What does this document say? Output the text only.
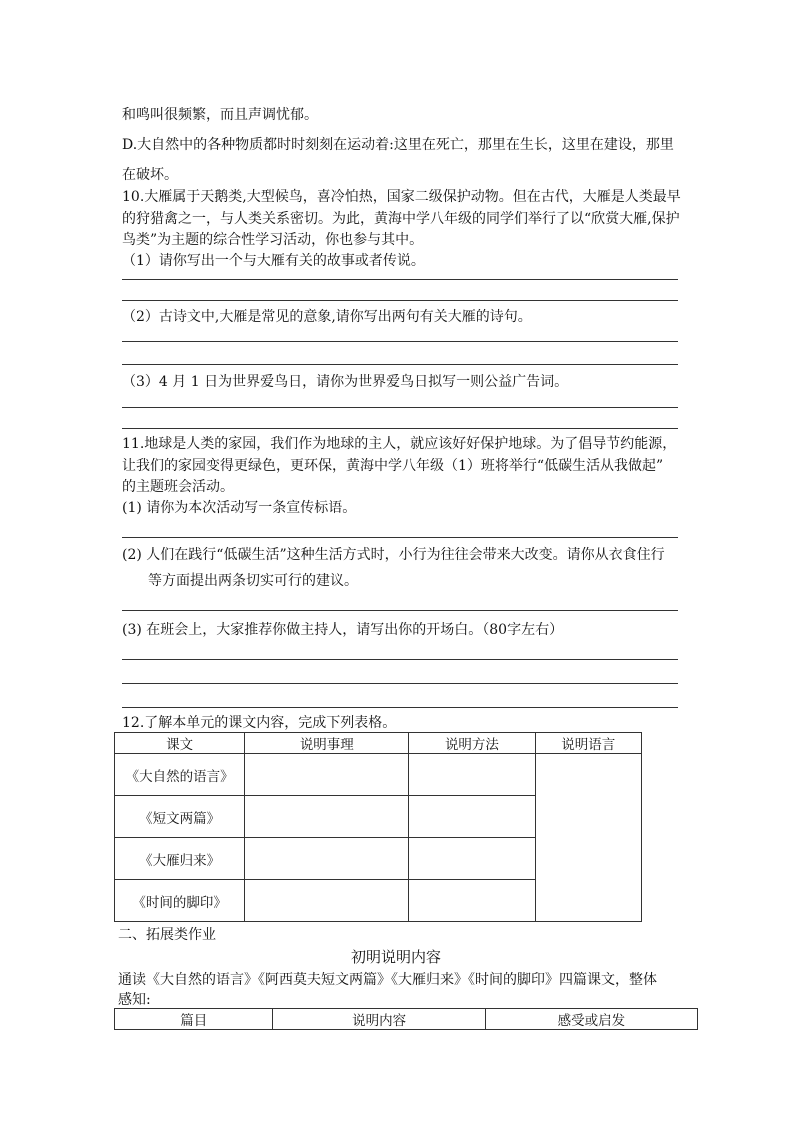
和鸣叫很频繁，而且声调忧郁。
D.大自然中的各种物质都时时刻刻在运动着:这里在死亡，那里在生长，这里在建设，那里
在破坏。
10.大雁属于天鹅类,大型候鸟，喜冷怕热，国家二级保护动物。但在古代，大雁是人类最早
的狩猎禽之一，与人类关系密切。为此，黄海中学八年级的同学们举行了以“欣赏大雁,保护
鸟类”为主题的综合性学习活动，你也参与其中。
（1）请你写出一个与大雁有关的故事或者传说。
（2）古诗文中,大雁是常见的意象,请你写出两句有关大雁的诗句。
（3）4 月 1 日为世界爱鸟日，请你为世界爱鸟日拟写一则公益广告词。
11.地球是人类的家园，我们作为地球的主人，就应该好好保护地球。为了倡导节约能源，
让我们的家园变得更绿色，更环保，黄海中学八年级（1）班将举行“低碳生活从我做起”
的主题班会活动。
(1) 请你为本次活动写一条宣传标语。
(2) 人们在践行“低碳生活”这种生活方式时，小行为往往会带来大改变。请你从衣食住行
等方面提出两条切实可行的建议。
(3) 在班会上，大家推荐你做主持人，请写出你的开场白。（80字左右）
12.了解本单元的课文内容，完成下列表格。
课文	说明事理	说明方法	说明语言
《大自然的语言》			
《短文两篇》			
《大雁归来》			
《时间的脚印》			
二、拓展类作业
初明说明内容
通读《大自然的语言》《阿西莫夫短文两篇》《大雁归来》《时间的脚印》四篇课文，整体
感知:
篇目	说明内容	感受或启发
